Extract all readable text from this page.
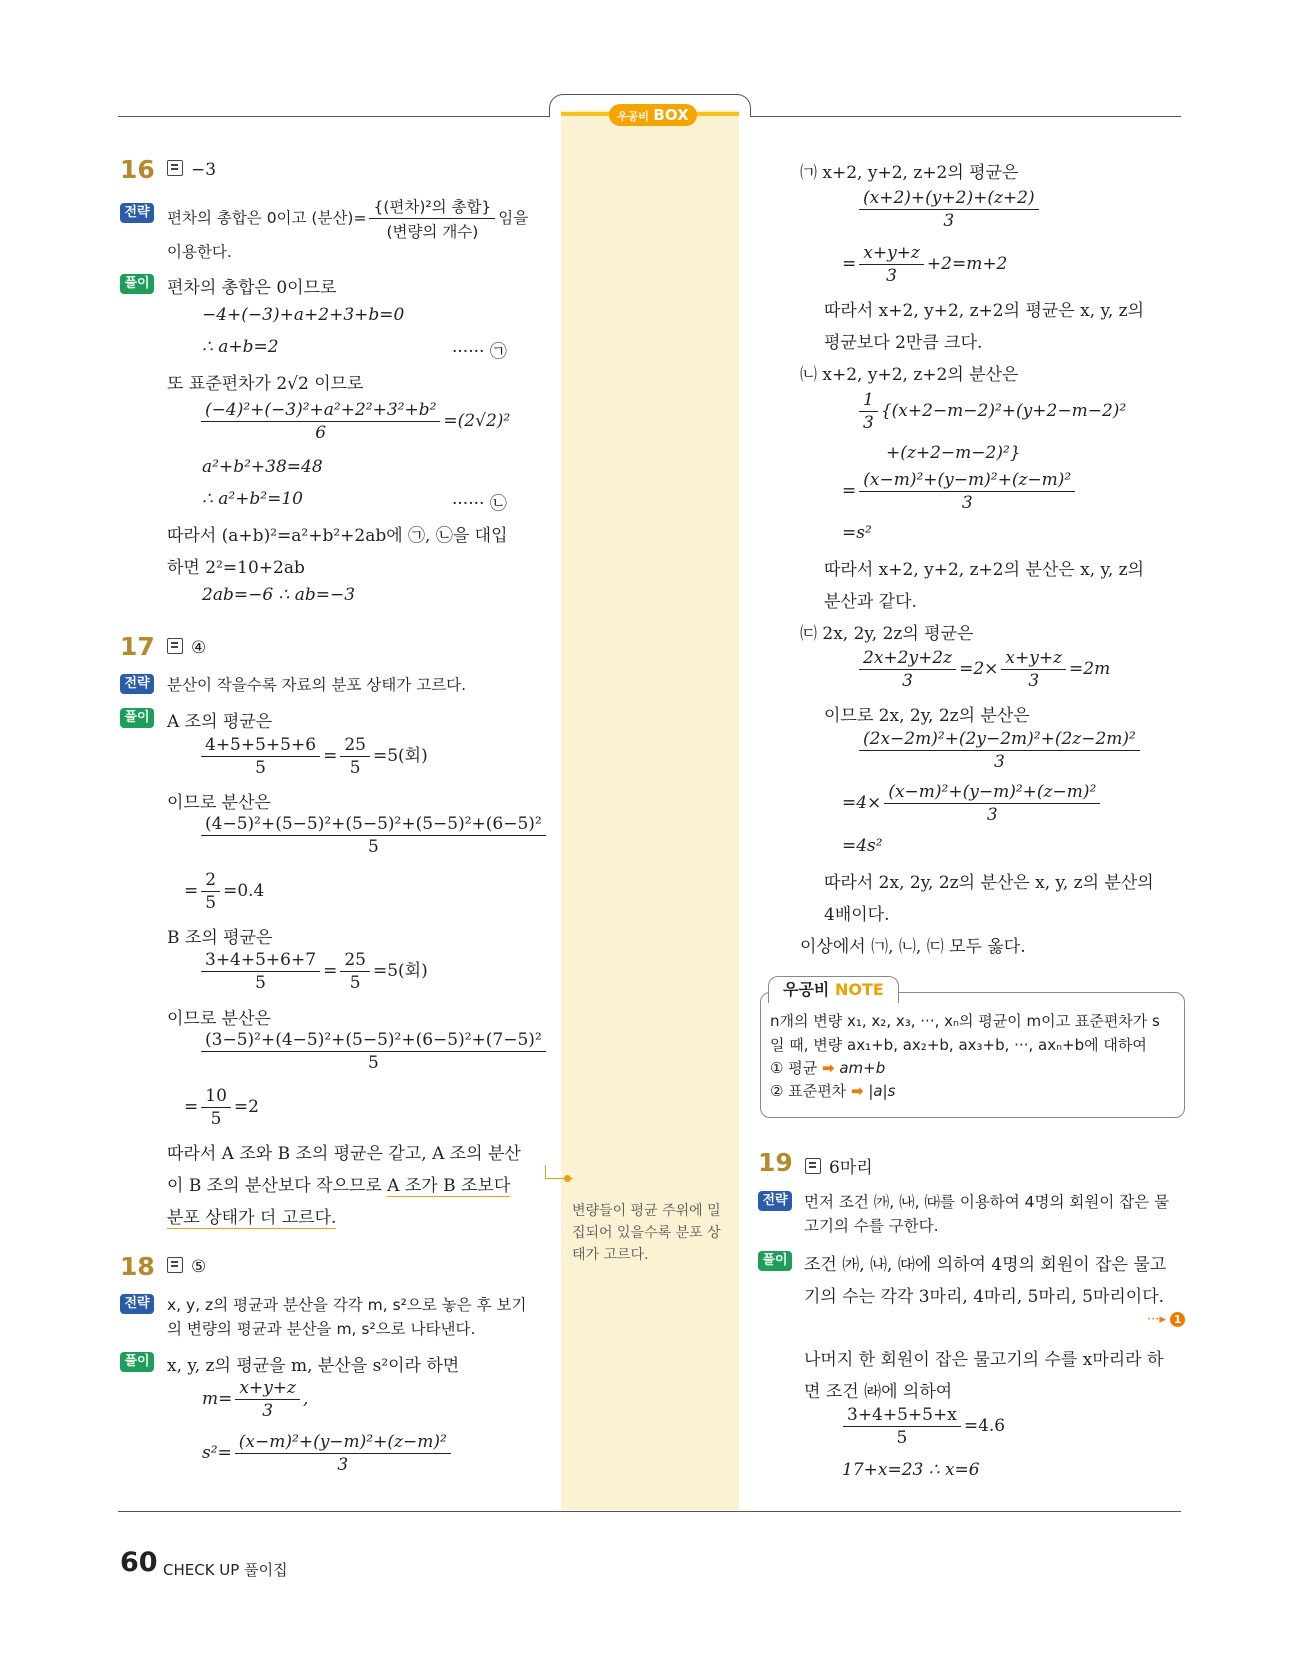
우공비 BOX
16	−3
전략 편차의 총합은 0이고 (분산)= $\frac{\text{\{(편차)²의 총합\}}}{\text{(변량의 개수)}}$ 임을
이용한다.
풀이 편차의 총합은 0이므로
−4+(−3)+a+2+3+b=0
∴ a+b=2	······ ㉠
또 표준편차가 2√2 이므로
$\frac{\text{(−4)²+(−3)²+a²+2²+3²+b²}}{6} =(2√2)^2$
a²+b²+38=48
∴ a²+b²=10	······ ㉡
따라서 (a+b)²=a²+b²+2ab에 ㉠, ㉡을 대입
하면 2²=10+2ab
2ab=−6 ∴ ab=−3
17	④
전략 분산이 작을수록 자료의 분포 상태가 고르다.
풀이 A 조의 평균은
$\frac{4+5+5+5+6}{5} = \frac{25}{5} =5$(회)
이므로 분산은
$\frac{\text{(4−5)²+(5−5)²+(5−5)²+(5−5)²+(6−5)²}}{5}$
= $\frac{2}{5} =0.4$
B 조의 평균은
$\frac{3+4+5+6+7}{5} = \frac{25}{5} =5$(회)
이므로 분산은
$\frac{\text{(3−5)²+(4−5)²+(5−5)²+(6−5)²+(7−5)²}}{5}$
= $\frac{10}{5} =2$
따라서 A 조와 B 조의 평균은 같고, A 조의 분산
이 B 조의 분산보다 작으므로 A 조가 B 조보다
분포 상태가 더 고르다.	변량들이 평균 주위에 밀집되어 있을수록 분포 상태가 고르다.
18	⑤
전략 x, y, z의 평균과 분산을 각각 m, s²으로 놓은 후 보기
의 변량의 평균과 분산을 m, s²으로 나타낸다.
풀이 x, y, z의 평균을 m, 분산을 s²이라 하면
$m= \frac{x+y+z}{3}$ ,
$s^2= \frac{\text{(x−m)²+(y−m)²+(z−m)²}}{3}$
㈀ x+2, y+2, z+2의 평균은
$\frac{(x+2)+(y+2)+(z+2)}{3}$
= $\frac{x+y+z}{3} +2=m+2$
따라서 x+2, y+2, z+2의 평균은 x, y, z의
평균보다 2만큼 크다.
㈁ x+2, y+2, z+2의 분산은
$\frac{1}{3} \{(x+2-m-2)^2+(y+2-m-2)^2$
+(z+2−m−2)²}
= $\frac{\text{(x−m)²+(y−m)²+(z−m)²}}{3}$
=s²
따라서 x+2, y+2, z+2의 분산은 x, y, z의
분산과 같다.
㈂ 2x, 2y, 2z의 평균은
$\frac{2x+2y+2z}{3} =2\times \frac{x+y+z}{3} =2m$
이므로 2x, 2y, 2z의 분산은
$\frac{\text{(2x−2m)²+(2y−2m)²+(2z−2m)²}}{3}$
$=4\times \frac{\text{(x−m)²+(y−m)²+(z−m)²}}{3}$
=4s²
따라서 2x, 2y, 2z의 분산은 x, y, z의 분산의
4배이다.
이상에서 ㈀, ㈁, ㈂ 모두 옳다.
우공비 NOTE
n개의 변량 x₁, x₂, x₃, ···, xₙ의 평균이 m이고 표준편차가 s
일 때, 변량 ax₁+b, ax₂+b, ax₃+b, ···, axₙ+b에 대하여
① 평균 ➡ am+b
② 표준편차 ➡ |a|s
19	6마리
전략 먼저 조건 ㈎, ㈏, ㈐를 이용하여 4명의 회원이 잡은 물
고기의 수를 구한다.
풀이 조건 ㈎, ㈏, ㈐에 의하여 4명의 회원이 잡은 물고
기의 수는 각각 3마리, 4마리, 5마리, 5마리이다.
···▸ 1
나머지 한 회원이 잡은 물고기의 수를 x마리라 하
면 조건 ㈑에 의하여
$\frac{3+4+5+5+x}{5} =4.6$
17+x=23 ∴ x=6
60 CHECK UP 풀이집
